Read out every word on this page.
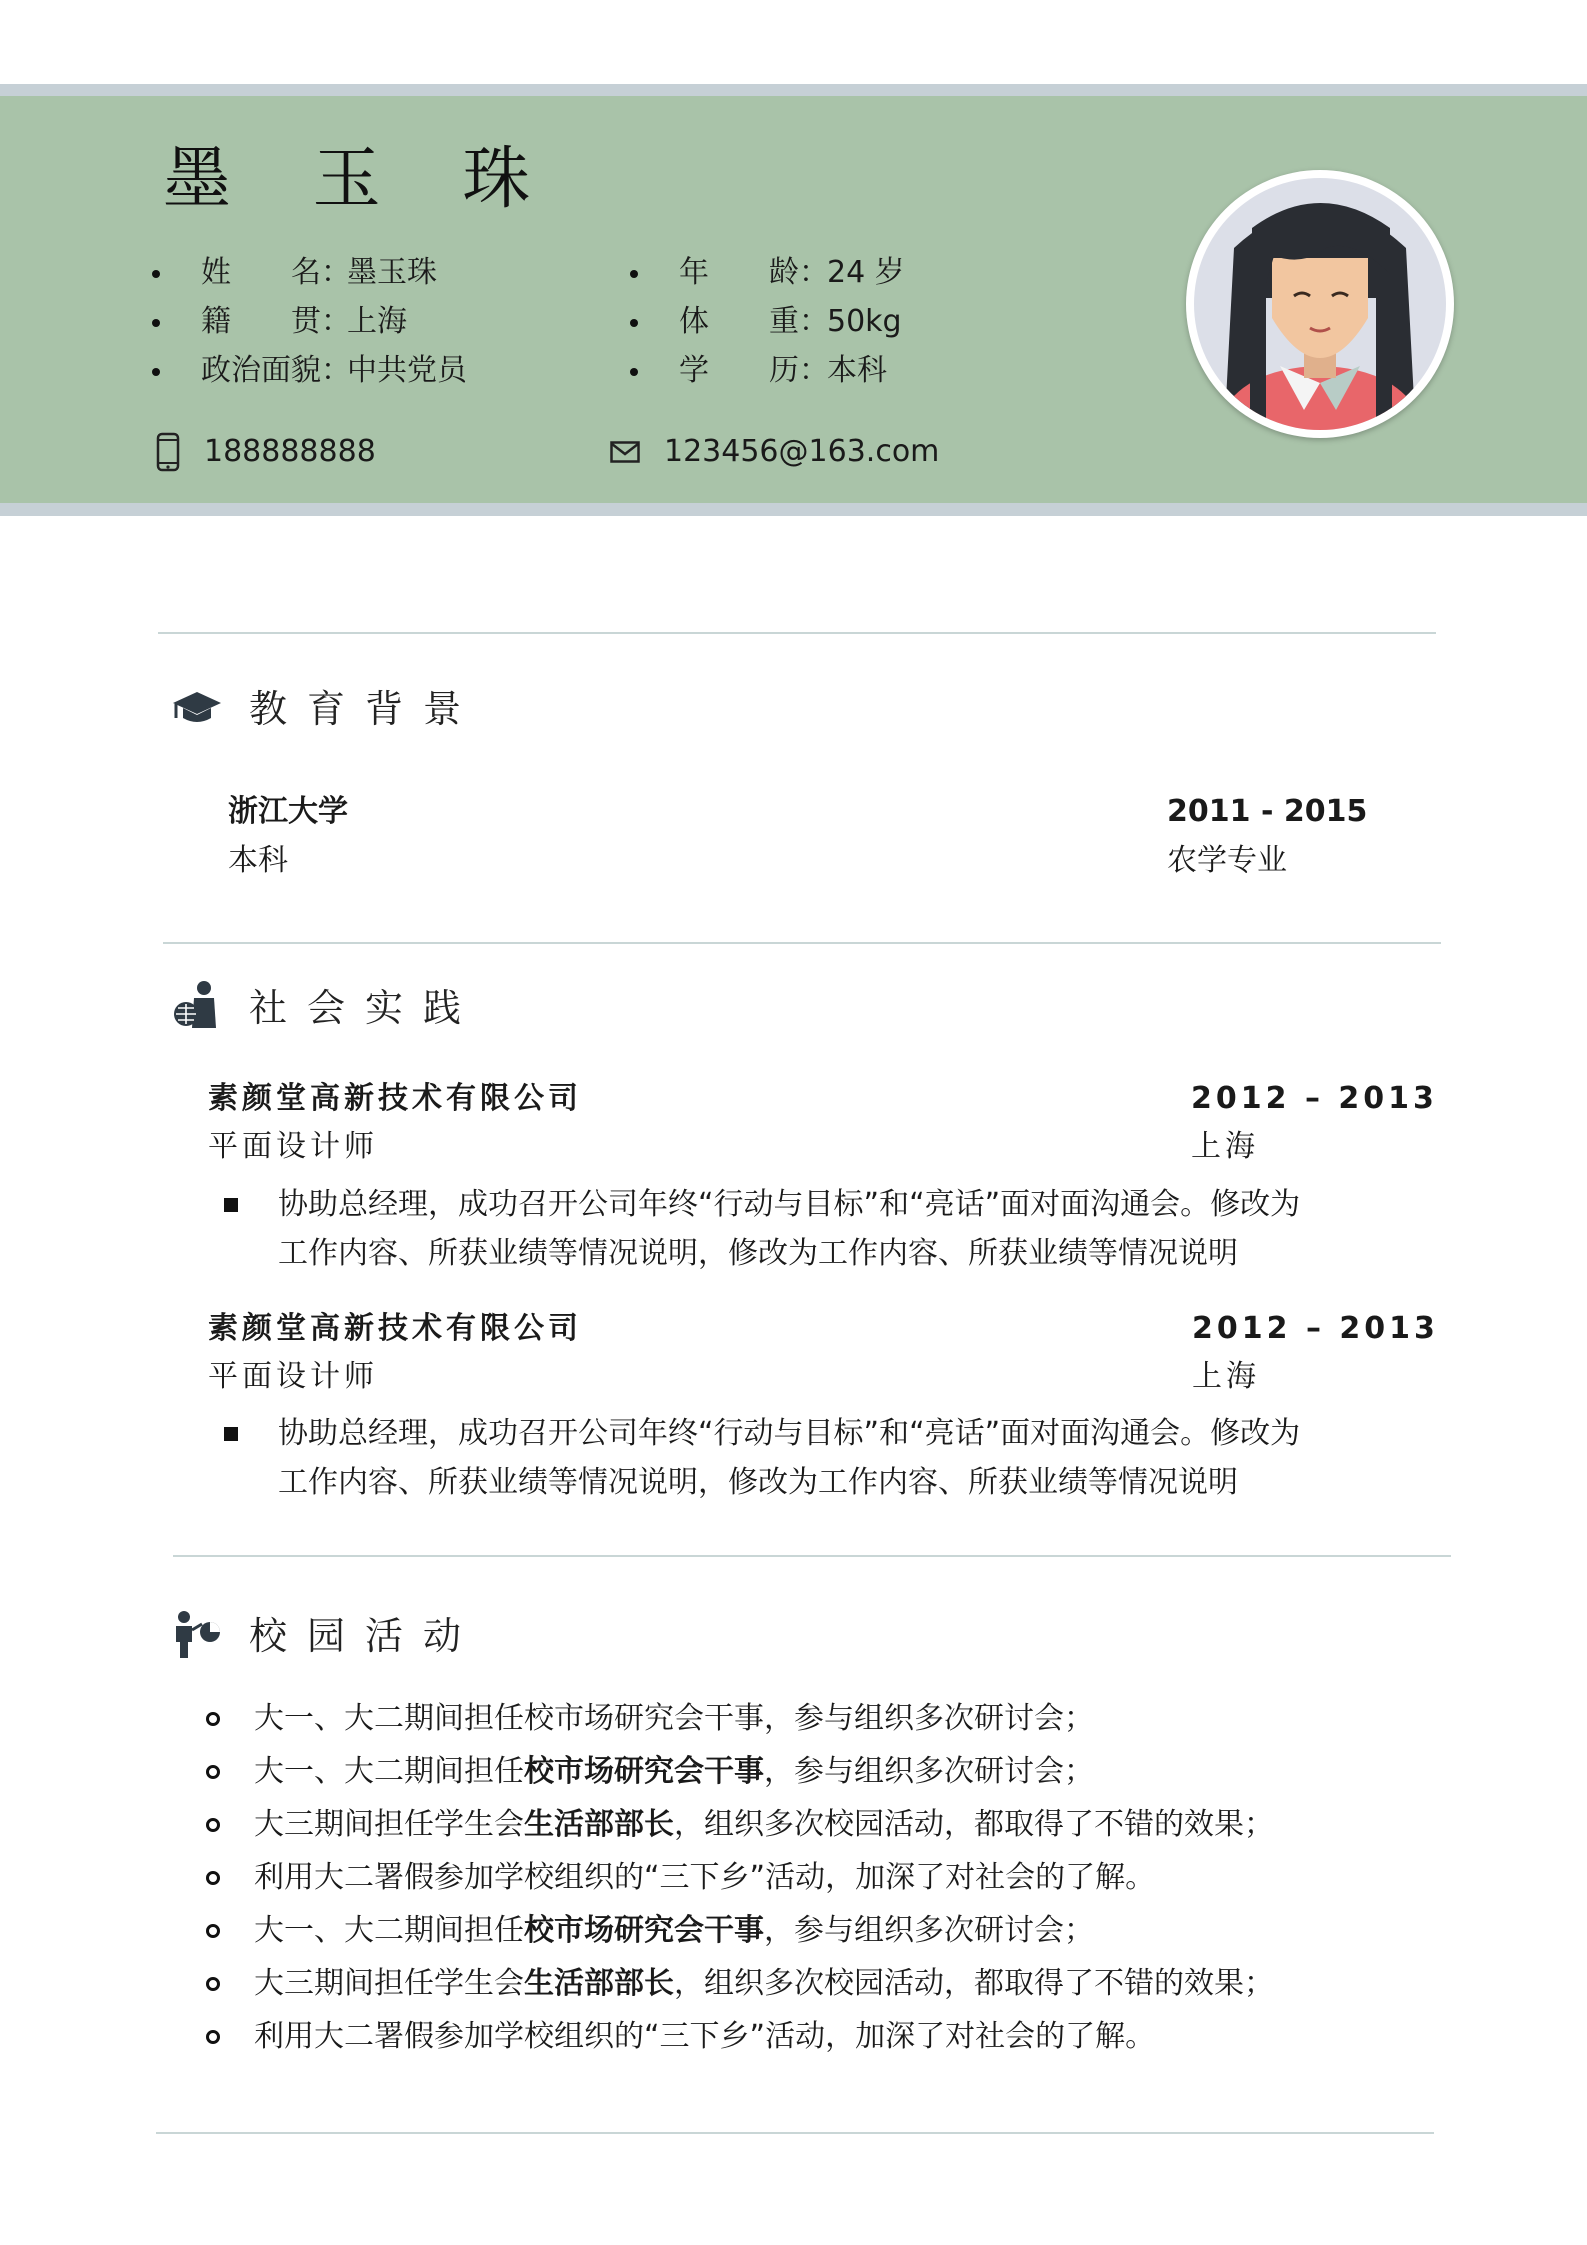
墨 玉 珠
姓　　名：墨玉珠
籍　　贯：上海
政治面貌：中共党员
年　　龄：24 岁
体　　重：50kg
学　　历：本科
188888888	123456@163.com
教育背景
浙江大学
本科
2011 - 2015
农学专业
社会实践
素颜堂高新技术有限公司
平面设计师
2012 – 2013
上海
协助总经理，成功召开公司年终“行动与目标”和“亮话”面对面沟通会。修改为
工作内容、所获业绩等情况说明，修改为工作内容、所获业绩等情况说明
素颜堂高新技术有限公司
平面设计师
2012 – 2013
上海
协助总经理，成功召开公司年终“行动与目标”和“亮话”面对面沟通会。修改为
工作内容、所获业绩等情况说明，修改为工作内容、所获业绩等情况说明
校园活动
大一、大二期间担任校市场研究会干事，参与组织多次研讨会；
大一、大二期间担任校市场研究会干事，参与组织多次研讨会；
大三期间担任学生会生活部部长，组织多次校园活动，都取得了不错的效果；
利用大二署假参加学校组织的“三下乡”活动，加深了对社会的了解。
大一、大二期间担任校市场研究会干事，参与组织多次研讨会；
大三期间担任学生会生活部部长，组织多次校园活动，都取得了不错的效果；
利用大二署假参加学校组织的“三下乡”活动，加深了对社会的了解。
